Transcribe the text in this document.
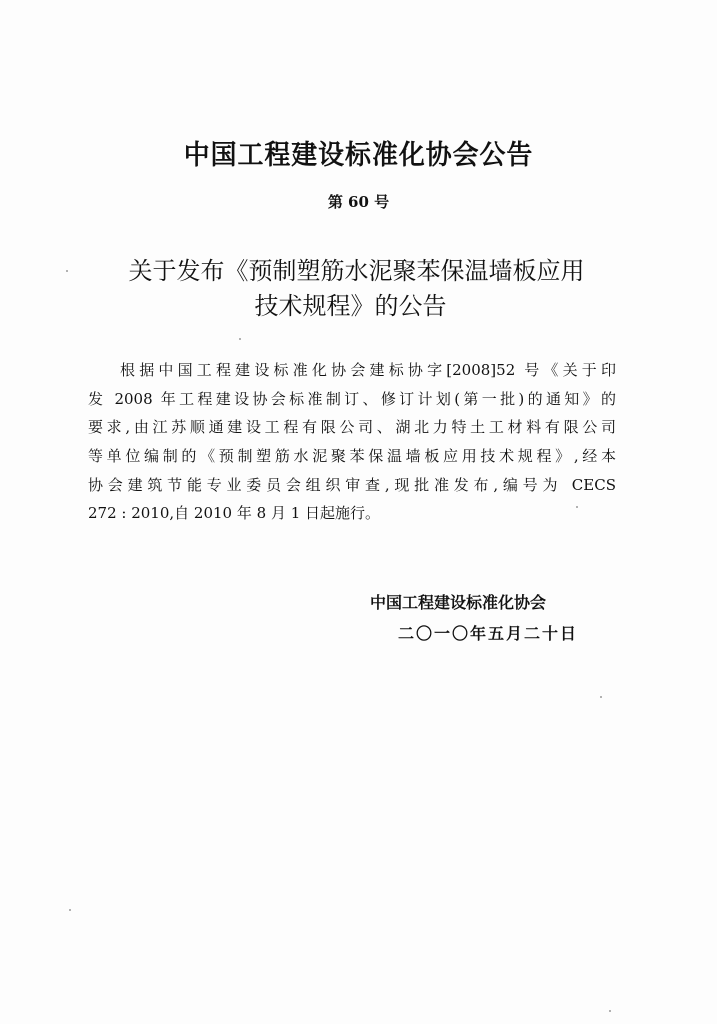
中国工程建设标准化协会公告
第 60 号
关于发布《预制塑筋水泥聚苯保温墙板应用
技术规程》的公告
根据中国工程建设标准化协会建标协字[2008]52 号《关于印
发 2008 年工程建设协会标准制订、修订计划(第一批)的通知》的
要求,由江苏顺通建设工程有限公司、湖北力特土工材料有限公司
等单位编制的《预制塑筋水泥聚苯保温墙板应用技术规程》,经本
协会建筑节能专业委员会组织审查,现批准发布,编号为 CECS
272 : 2010,自 2010 年 8 月 1 日起施行。
中国工程建设标准化协会
二〇一〇年五月二十日
